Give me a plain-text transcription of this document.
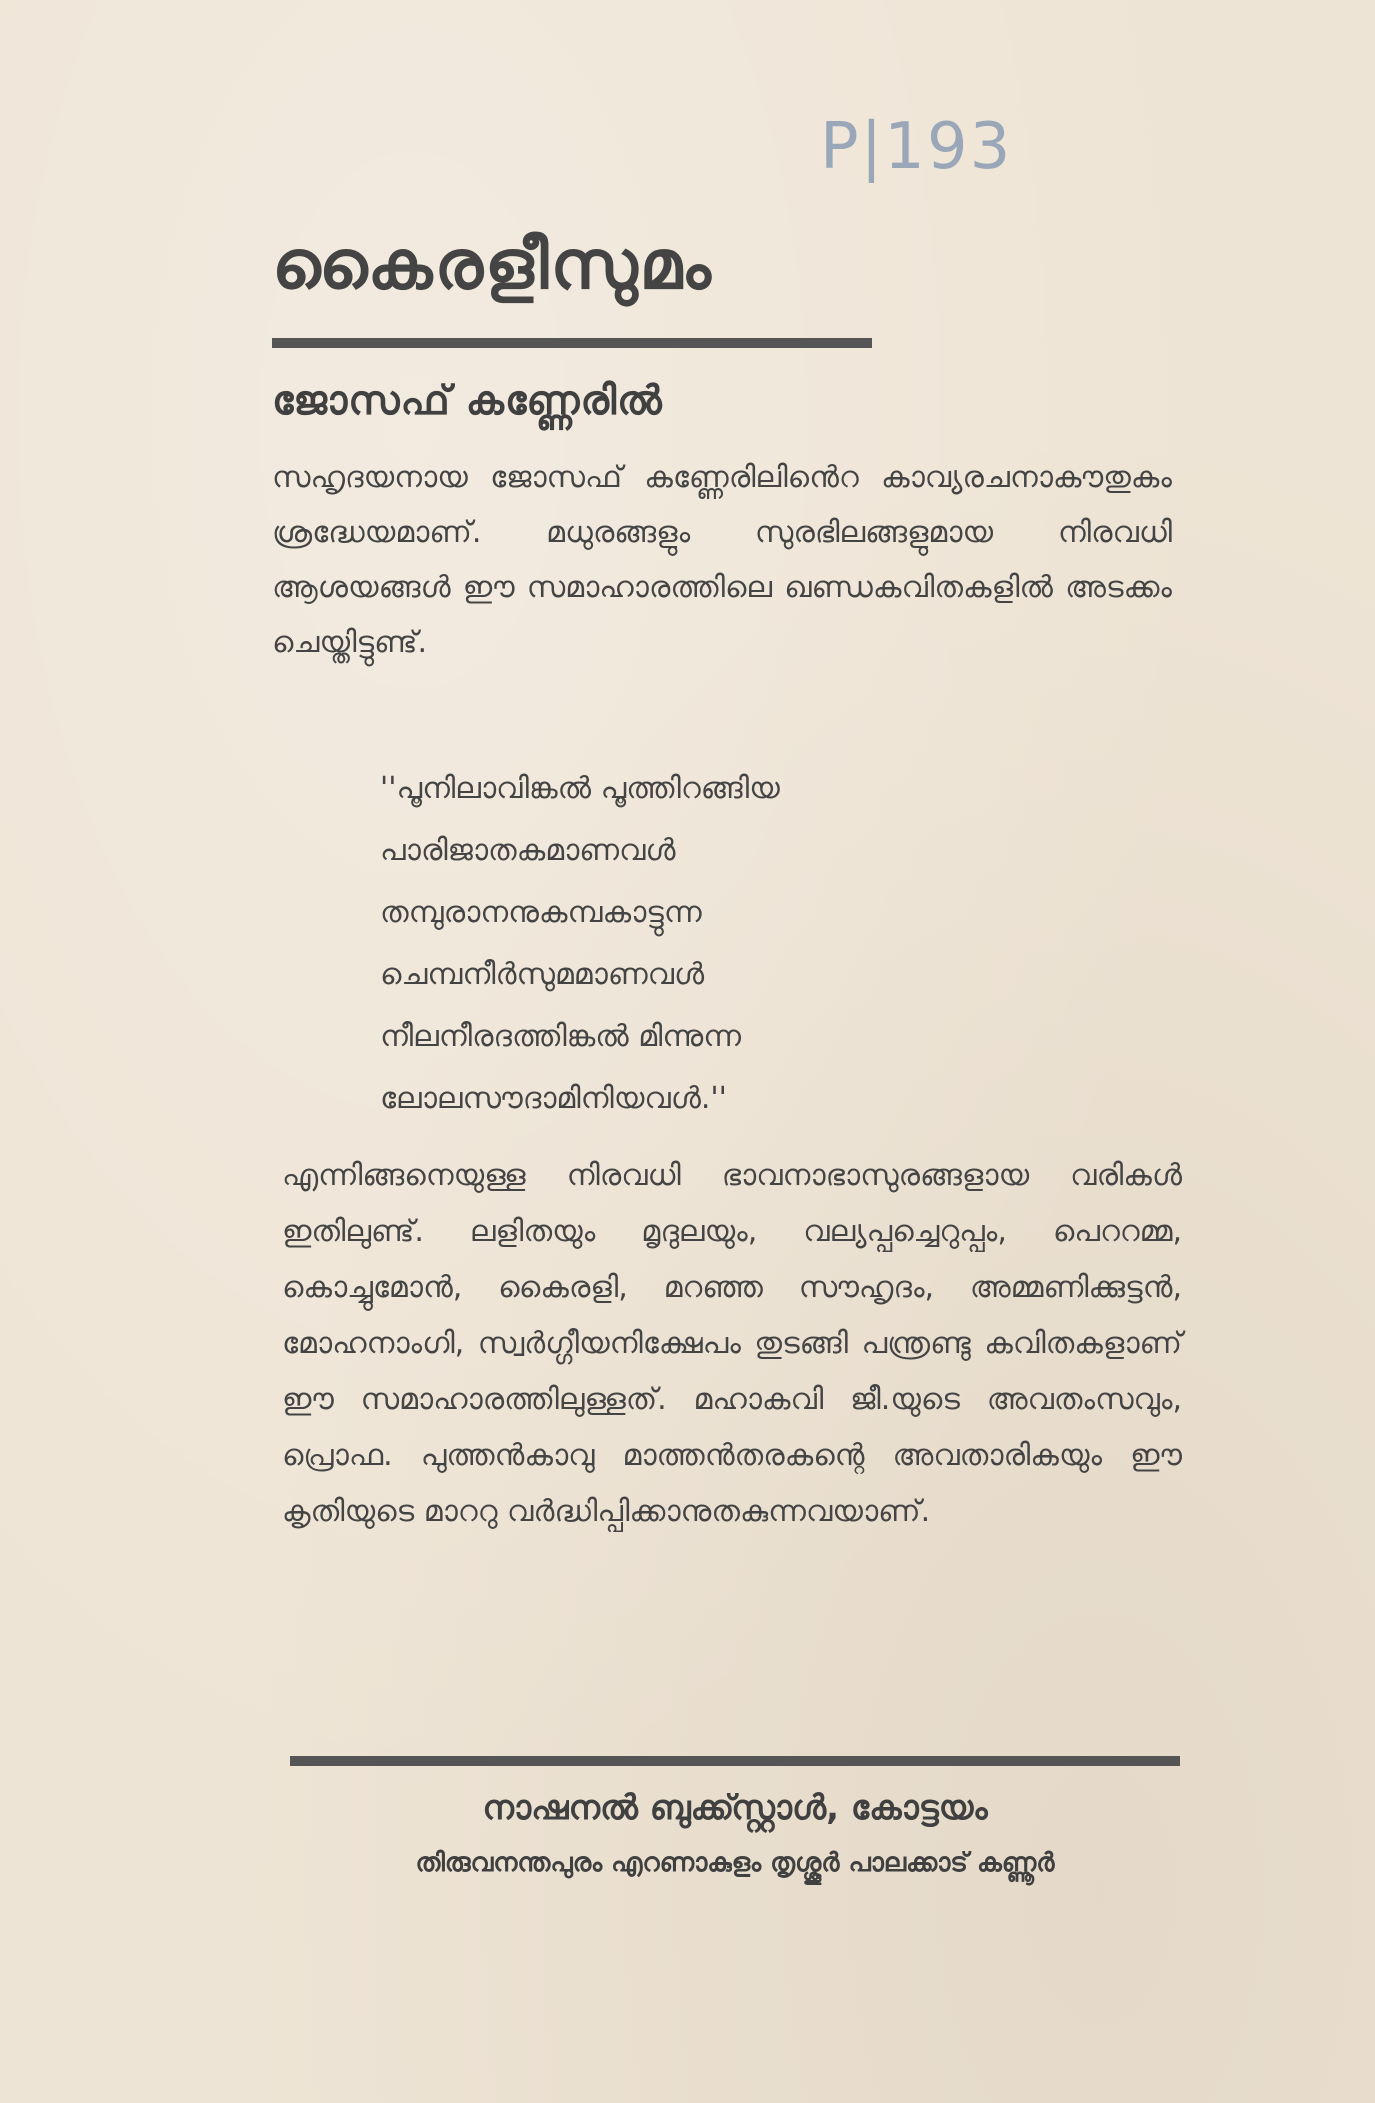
P|193
കൈരളീസുമം
ജോസഫ് കണ്ണേരിൽ
സഹൃദയനായ ജോസഫ് കണ്ണേരിലിൻെറ കാവ്യരചനാകൗതുകം ശ്രദ്ധേയമാണ്. മധുരങ്ങളും സുരഭിലങ്ങളുമായ നിരവധി ആശയങ്ങൾ ഈ സമാഹാരത്തിലെ ഖണ്ഡകവിതകളിൽ അടക്കം ചെയ്തിട്ടുണ്ട്.
''പൂനിലാവിങ്കൽ പൂത്തിറങ്ങിയ
പാരിജാതകമാണവൾ
തമ്പുരാനനുകമ്പകാട്ടുന്ന
ചെമ്പനീർസുമമാണവൾ
നീലനീരദത്തിങ്കൽ മിന്നുന്ന
ലോലസൗദാമിനിയവൾ.''
എന്നിങ്ങനെയുള്ള നിരവധി ഭാവനാഭാസുരങ്ങളായ വരികൾ ഇതിലുണ്ട്. ലളിതയും മൃദുലയും, വല്യപ്പച്ചെറുപ്പം, പെററമ്മ, കൊച്ചുമോൻ, കൈരളി, മറഞ്ഞ സൗഹൃദം, അമ്മണിക്കുട്ടൻ, മോഹനാംഗി, സ്വർഗ്ഗീയനിക്ഷേപം തുടങ്ങി പന്ത്രണ്ടു കവിതകളാണ് ഈ സമാഹാരത്തിലുള്ളത്. മഹാകവി ജീ.യുടെ അവതംസവും, പ്രൊഫ. പുത്തൻകാവു മാത്തൻതരകന്റെ അവതാരികയും ഈ കൃതിയുടെ മാററു വർദ്ധിപ്പിക്കാനുതകുന്നവയാണ്.
നാഷനൽ ബുക്ക്സ്റ്റാൾ, കോട്ടയം
തിരുവനന്തപുരം എറണാകുളം തൃശ്ശൂർ പാലക്കാട് കണ്ണൂർ
